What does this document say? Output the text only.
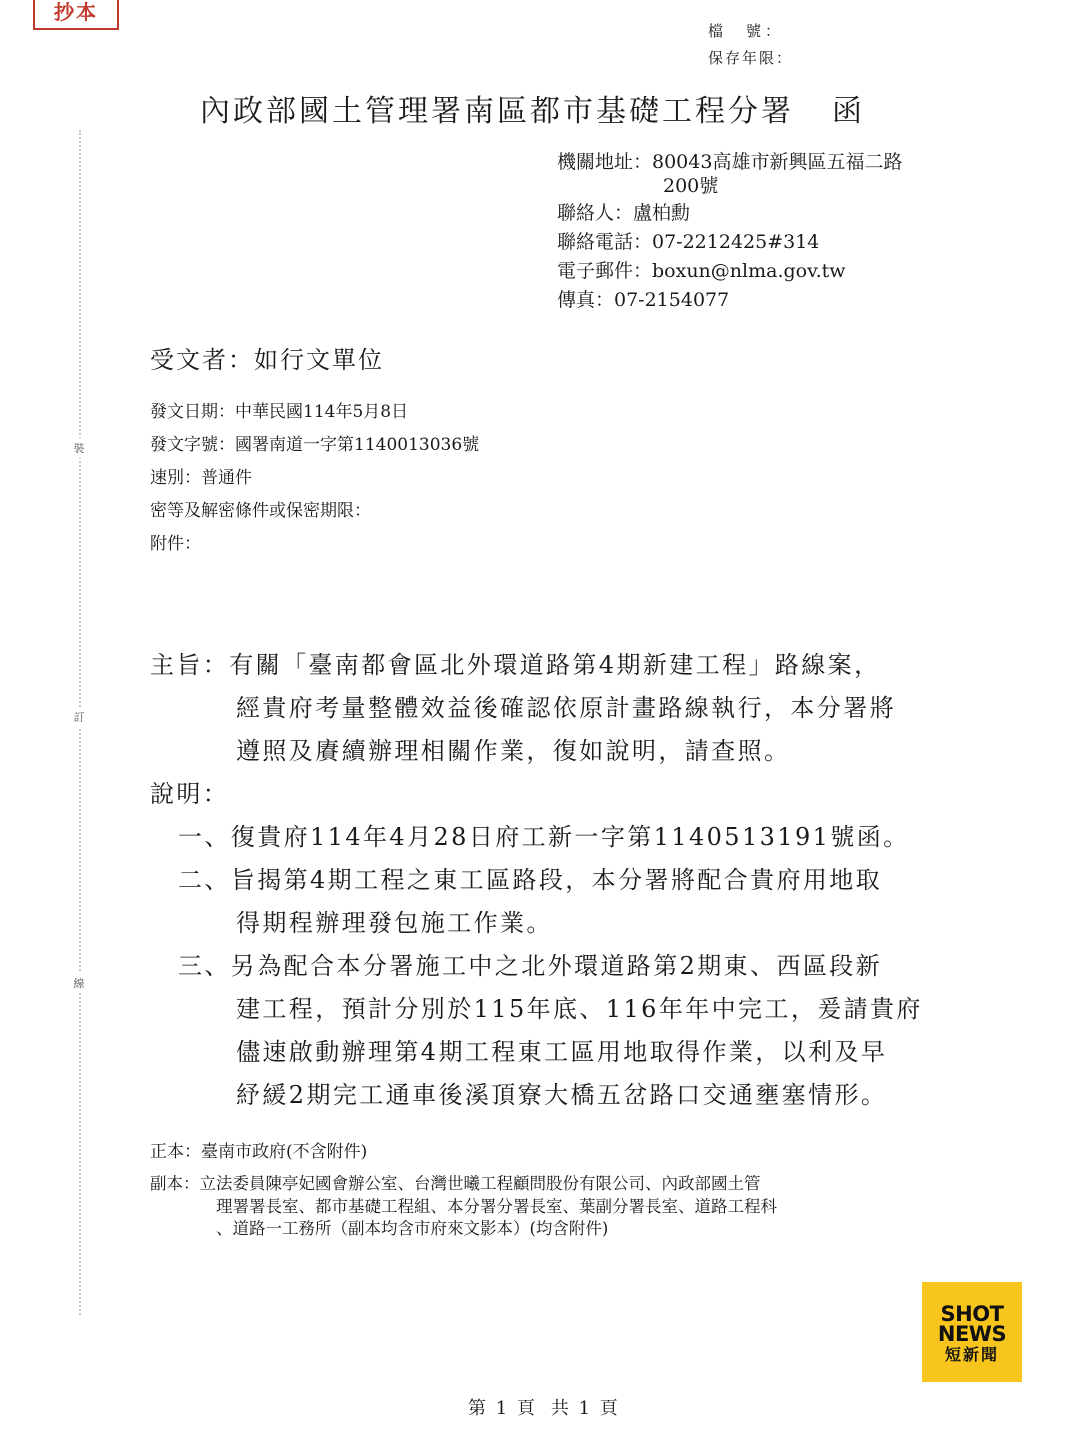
抄本
檔　號：
保存年限：
內政部國土管理署南區都市基礎工程分署 函
機關地址：80043高雄市新興區五福二路
200號
聯絡人：盧柏勳
聯絡電話：07-2212425#314
電子郵件：boxun@nlma.gov.tw
傳真：07-2154077
裝
訂
線
受文者：如行文單位
發文日期：中華民國114年5月8日
發文字號：國署南道一字第1140013036號
速別：普通件
密等及解密條件或保密期限：
附件：
主旨：有關「臺南都會區北外環道路第4期新建工程」路線案，
經貴府考量整體效益後確認依原計畫路線執行，本分署將
遵照及賡續辦理相關作業，復如說明，請查照。
說明：
一、復貴府114年4月28日府工新一字第1140513191號函。
二、旨揭第4期工程之東工區路段，本分署將配合貴府用地取
得期程辦理發包施工作業。
三、另為配合本分署施工中之北外環道路第2期東、西區段新
建工程，預計分別於115年底、116年年中完工，爰請貴府
儘速啟動辦理第4期工程東工區用地取得作業，以利及早
紓緩2期完工通車後溪頂寮大橋五岔路口交通壅塞情形。
正本：臺南市政府(不含附件)
副本：立法委員陳亭妃國會辦公室、台灣世曦工程顧問股份有限公司、內政部國土管
理署署長室、都市基礎工程組、本分署分署長室、葉副分署長室、道路工程科
、道路一工務所（副本均含市府來文影本）(均含附件)
第 1 頁 共 1 頁
SHOT
NEWS
短新聞
